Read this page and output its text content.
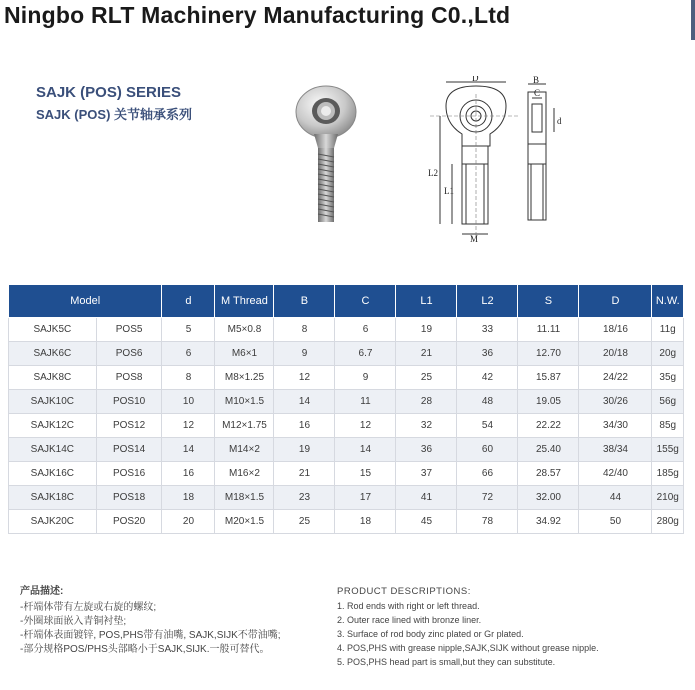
Ningbo RLT Machinery Manufacturing C0.,Ltd
SAJK (POS) SERIES
SAJK (POS) 关节轴承系列
D	B
C
d
L2
L1
M
Model		d	M Thread	B	C	L1	L2	S	D	N.W.
SAJK5C	POS5	5	M5×0.8	8	6	19	33	11.11	18/16	11g
SAJK6C	POS6	6	M6×1	9	6.7	21	36	12.70	20/18	20g
SAJK8C	POS8	8	M8×1.25	12	9	25	42	15.87	24/22	35g
SAJK10C	POS10	10	M10×1.5	14	11	28	48	19.05	30/26	56g
SAJK12C	POS12	12	M12×1.75	16	12	32	54	22.22	34/30	85g
SAJK14C	POS14	14	M14×2	19	14	36	60	25.40	38/34	155g
SAJK16C	POS16	16	M16×2	21	15	37	66	28.57	42/40	185g
SAJK18C	POS18	18	M18×1.5	23	17	41	72	32.00	44	210g
SAJK20C	POS20	20	M20×1.5	25	18	45	78	34.92	50	280g
产品描述:
-杆端体带有左旋或右旋的螺纹;
-外圈球面嵌入青铜衬垫;
-杆端体表面镀锌, POS,PHS带有油嘴, SAJK,SIJK不带油嘴;
-部分规格POS/PHS头部略小于SAJK,SIJK.一般可替代。
PRODUCT DESCRIPTIONS:
1. Rod ends with right or left thread.
2. Outer race lined with bronze liner.
3. Surface of rod body zinc plated or Gr plated.
4. POS,PHS with grease nipple,SAJK,SIJK without grease nipple.
5. POS,PHS head part is small,but they can substitute.
